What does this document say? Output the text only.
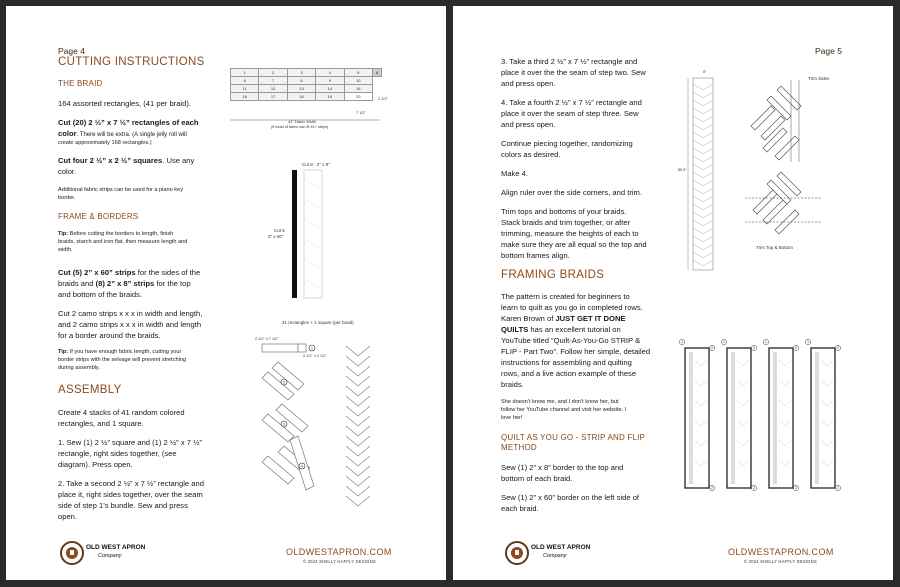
Page 4
CUTTING INSTRUCTIONS
THE BRAID
164 assorted rectangles, (41 per braid).
Cut (20) 2 ½” x 7 ½” rectangles of each
color. There will be extra. (A single jelly roll will
create approximately 168 rectangles.)
Cut four 2 ½” x 2 ½” squares. Use any
color.
Additional fabric strips can be used for a piano key
border.
FRAME & BORDERS
Tip: Before cutting the borders to length, finish
braids, starch and iron flat, then measure length and
width.
Cut (5) 2” x 60” strips for the sides of the
braids and (8) 2” x 8” strips for the top
and bottom of the braids.
Cut 2 camo strips x x x in width and length,
and 2 camo strips x x x in width and length
for a border around the braids.
Tip: If you have enough fabric length, cutting your
border strips with the selvage will prevent stretching
during assembly.
ASSEMBLY
Create 4 stacks of 41 random colored
rectangles, and 1 square.
1. Sew (1) 2 ½” square and (1) 2 ½” x 7 ½”
rectangle, right sides together, (see
diagram). Press open.
2. Take a second 2 ½” x 7 ½” rectangle and
place it, right sides together, over the seam
side of step 1’s bundle. Sew and press
open.
1	2	3	4	5	6
6	7	8	9	10	
11	12	13	14	15	
16	17	18	19	20		2 1/2"
7 1/2"
44" Fabric Width
(if head of fabric can fit 41+ strips)
Cut 8 - 2" x 8"
Cut 5
2" x 60"
41 rectangles + 1 square (per braid)
2 1/2" x 7 1/2"
2 1/2" x 2 1/2"
1
2
3
4
OLD WEST APRON
Company	OLDWESTAPRON.COM
© 2024 SHELLY HAFFLY DESIGNS
Page 5
3. Take a third 2 ½” x 7 ½” rectangle and
place it over the the seam of step two. Sew
and press open.
4. Take a fourth 2 ½” x 7 ½” rectangle and
place it over the seam of step three. Sew
and press open.
Continue piecing together, randomizing
colors as desired.
Make 4.
Align ruler over the side corners, and trim.
Trim tops and bottoms of your braids.
Stack braids and trim together, or after
trimming, measure the heights of each to
make sure they are all equal so the top and
bottom frames align.
FRAMING BRAIDS
The pattern is created for beginners to
learn to quilt as you go in completed rows.
Karen Brown of JUST GET IT DONE
QUILTS has an excellent tutorial on
YouTube titled “Quilt-As-You-Go STRIP &
FLIP - Part Two”. Follow her simple, detailed
instructions for assembling and quilting
rows, and a live action example of these
braids.
She doesn’t know me, and I don’t know her, but
follow her YouTube channel and visit her website. I
love her!
QUILT AS YOU GO - STRIP AND FLIP
METHOD
Sew (1) 2” x 8” border to the top and
bottom of each braid.
Sew (1) 2” x 60” border on the left side of
each braid.
8"
55.5"
Trim Sides
Trim Top & Bottom
1
2
2
1
2
2
1
2
2
1
2
2
OLD WEST APRON
Company	OLDWESTAPRON.COM
© 2024 SHELLY HAFFLY DESIGNS
